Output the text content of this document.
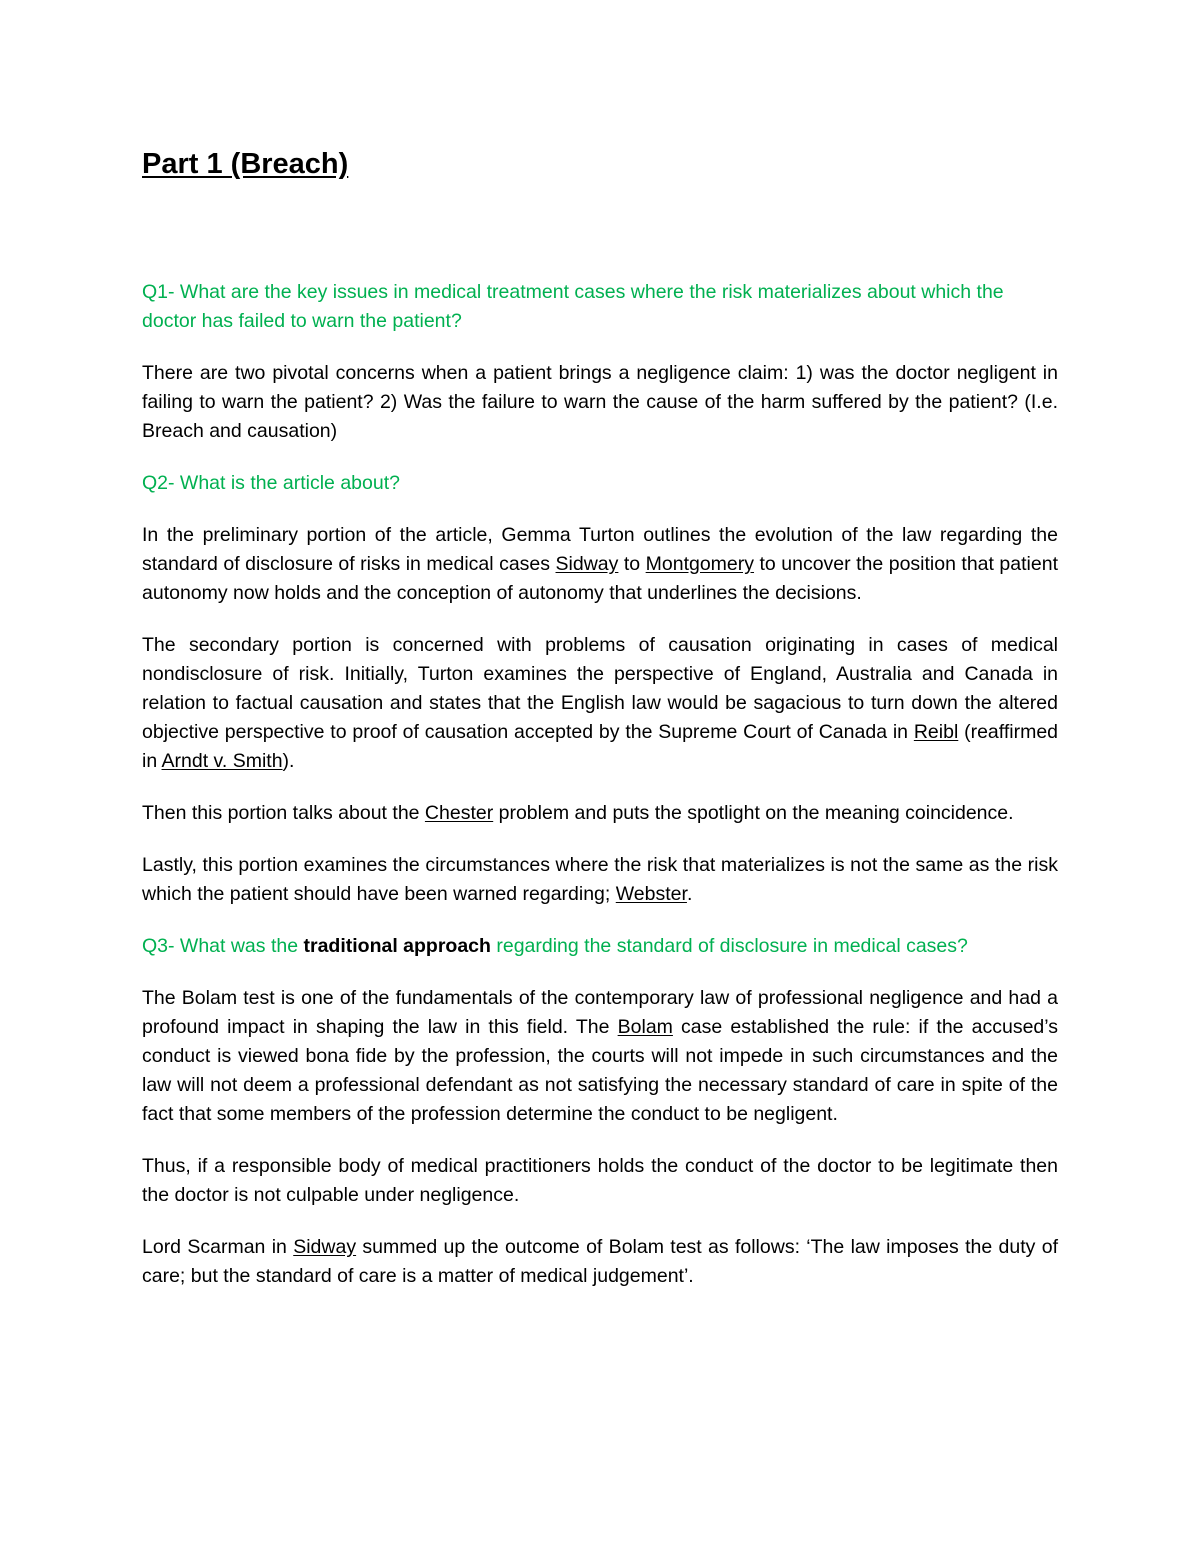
Part 1 (Breach)

Q1- What are the key issues in medical treatment cases where the risk materializes about which the doctor has failed to warn the patient?

There are two pivotal concerns when a patient brings a negligence claim: 1) was the doctor negligent in failing to warn the patient? 2) Was the failure to warn the cause of the harm suffered by the patient? (I.e. Breach and causation)

Q2- What is the article about?

In the preliminary portion of the article, Gemma Turton outlines the evolution of the law regarding the standard of disclosure of risks in medical cases Sidway to Montgomery to uncover the position that patient autonomy now holds and the conception of autonomy that underlines the decisions.

The secondary portion is concerned with problems of causation originating in cases of medical nondisclosure of risk. Initially, Turton examines the perspective of England, Australia and Canada in relation to factual causation and states that the English law would be sagacious to turn down the altered objective perspective to proof of causation accepted by the Supreme Court of Canada in Reibl (reaffirmed in Arndt v. Smith).

Then this portion talks about the Chester problem and puts the spotlight on the meaning coincidence.

Lastly, this portion examines the circumstances where the risk that materializes is not the same as the risk which the patient should have been warned regarding; Webster.

Q3- What was the traditional approach regarding the standard of disclosure in medical cases?

The Bolam test is one of the fundamentals of the contemporary law of professional negligence and had a profound impact in shaping the law in this field. The Bolam case established the rule: if the accused’s conduct is viewed bona fide by the profession, the courts will not impede in such circumstances and the law will not deem a professional defendant as not satisfying the necessary standard of care in spite of the fact that some members of the profession determine the conduct to be negligent.

Thus, if a responsible body of medical practitioners holds the conduct of the doctor to be legitimate then the doctor is not culpable under negligence.

Lord Scarman in Sidway summed up the outcome of Bolam test as follows: ‘The law imposes the duty of care; but the standard of care is a matter of medical judgement’.
